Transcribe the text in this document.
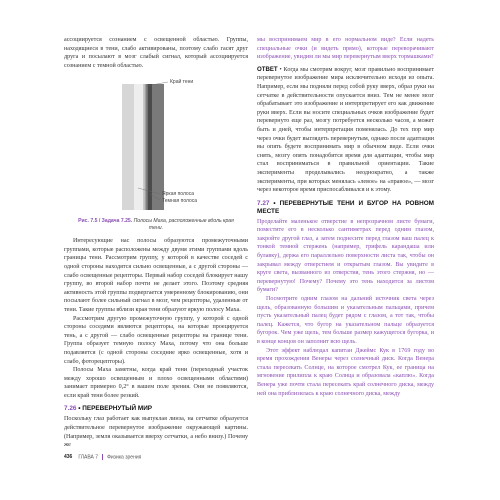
ассоциируется сознанием с освещенной областью. Группы, находящиеся в тени, слабо активированы, поэтому слабо гасят друг друга и посылают в мозг слабый сигнал, который ассоциируется сознанием с темной областью.

Край тени
Яркая полоса
Темная полоса

Рис. 7.5 / Задача 7.25. Полосы Маха, расположенные вдоль края тени.

Интересующие нас полосы образуются промежуточными группами, которые расположены между двумя этими группами вдоль границы тени. Рассмотрим группу, у которой в качестве соседей с одной стороны находятся сильно освещенные, а с другой стороны — слабо освещенные рецепторы. Первый набор соседей блокирует нашу группу, во второй набор почти не делает этого. Поэтому средняя активность этой группы подвергается умеренному блокированию, они посылают более сильный сигнал в мозг, чем рецепторы, удаленные от тени. Такие группы вблизи края тени образуют яркую полосу Маха.

Рассмотрим другую промежуточную группу, у которой с одной стороны соседями являются рецепторы, на которые проецируется тень, а с другой — слабо освещенные рецепторы на границе тени. Группа образует темную полосу Маха, потому что она больше подавляется (с одной стороны соседние ярко освещенные, хотя и слабо, фоторецепторы).

Полосы Маха заметны, когда край тени (переходный участок между хорошо освещенным и плохо освещенными областями) занимает примерно 0,2° в вашем поле зрения. Они не появляются, если край тени более резкий.

7.26 • ПЕРЕВЕРНУТЫЙ МИР

Поскольку глаз работает как выпуклая линза, на сетчатке образуется действительное перевернутое изображение окружающей картины. (Например, земля оказывается вверху сетчатки, а небо внизу.) Почему же

мы воспринимаем мир в его нормальном виде? Если надеть специальные очки (и видеть прямо), которые переворачивают изображение, увидим ли мы мир перевернутым вверх тормашками?

ОТВЕТ • Когда мы смотрим вокруг, мозг правильно воспринимает перевернутое изображение мира исключительно исходя из опыта. Например, если мы подняли перед собой руку вверх, образ руки на сетчатке в действительности опускается вниз. Тем не менее мозг обрабатывает это изображение и интерпретирует его как движение руки вверх. Если вы носите специальных очков изображение будет перевернуто еще раз, мозгу потребуется несколько часов, а может быть и дней, чтобы интерпретация поменялась. До тех пор мир через очки будет выглядеть перевернутым, однако после адаптации вы опять будете воспринимать мир в обычном виде. Если очки снять, мозгу опять понадобится время для адаптации, чтобы мир стал восприниматься в правильной ориентации. Такие эксперименты проделывались неоднократно, а также эксперименты, при которых менялась «левое» на «правое», — мозг через некоторое время приспосабливался и к этому.

7.27 • ПЕРЕВЕРНУТЫЕ ТЕНИ И БУГОР НА РОВНОМ МЕСТЕ

Проделайте маленькое отверстие в непрозрачном листе бумаги, поместите его в несколько сантиметрах перед одним глазом, закройте другой глаз, а затем поднесите перед глазом ваш палец к тонкой темной стержень (например, грифель карандаша или булавку), держа его параллельно поверхности листа так, чтобы он закрывал между отверстием и открытым глазом. Вы увидите в круге света, вызванного из отверстия, тень этого стержня, но — перевернутую! Почему? Почему это тень находится за листом бумаги?

Посмотрите одним глазом на дальний источник света через щель, образованную большим и указательным пальцами, причем пусть указательный палец будет рядом с глазом, а тот так, чтобы палец. Кажется, что бугор на указательном пальце образуется бугорок. Чем уже щель, тем больше размер кажущегося бугорка, и в конце концов он заполнит всю щель.

Этот эффект наблюдал капитан Джеймс Кук в 1769 году во время прохождения Венеры через солнечный диск. Когда Венера стала пересекать Солнце, на которое смотрел Кук, ее граница на мгновение прилипла к краю Солнца и образовала «каплю». Когда Венера уже почти стала пересекать край солнечного диска, между ней она приблизилась к краю солнечного диска, между

436 ГЛАВА 7 Физика зрения
